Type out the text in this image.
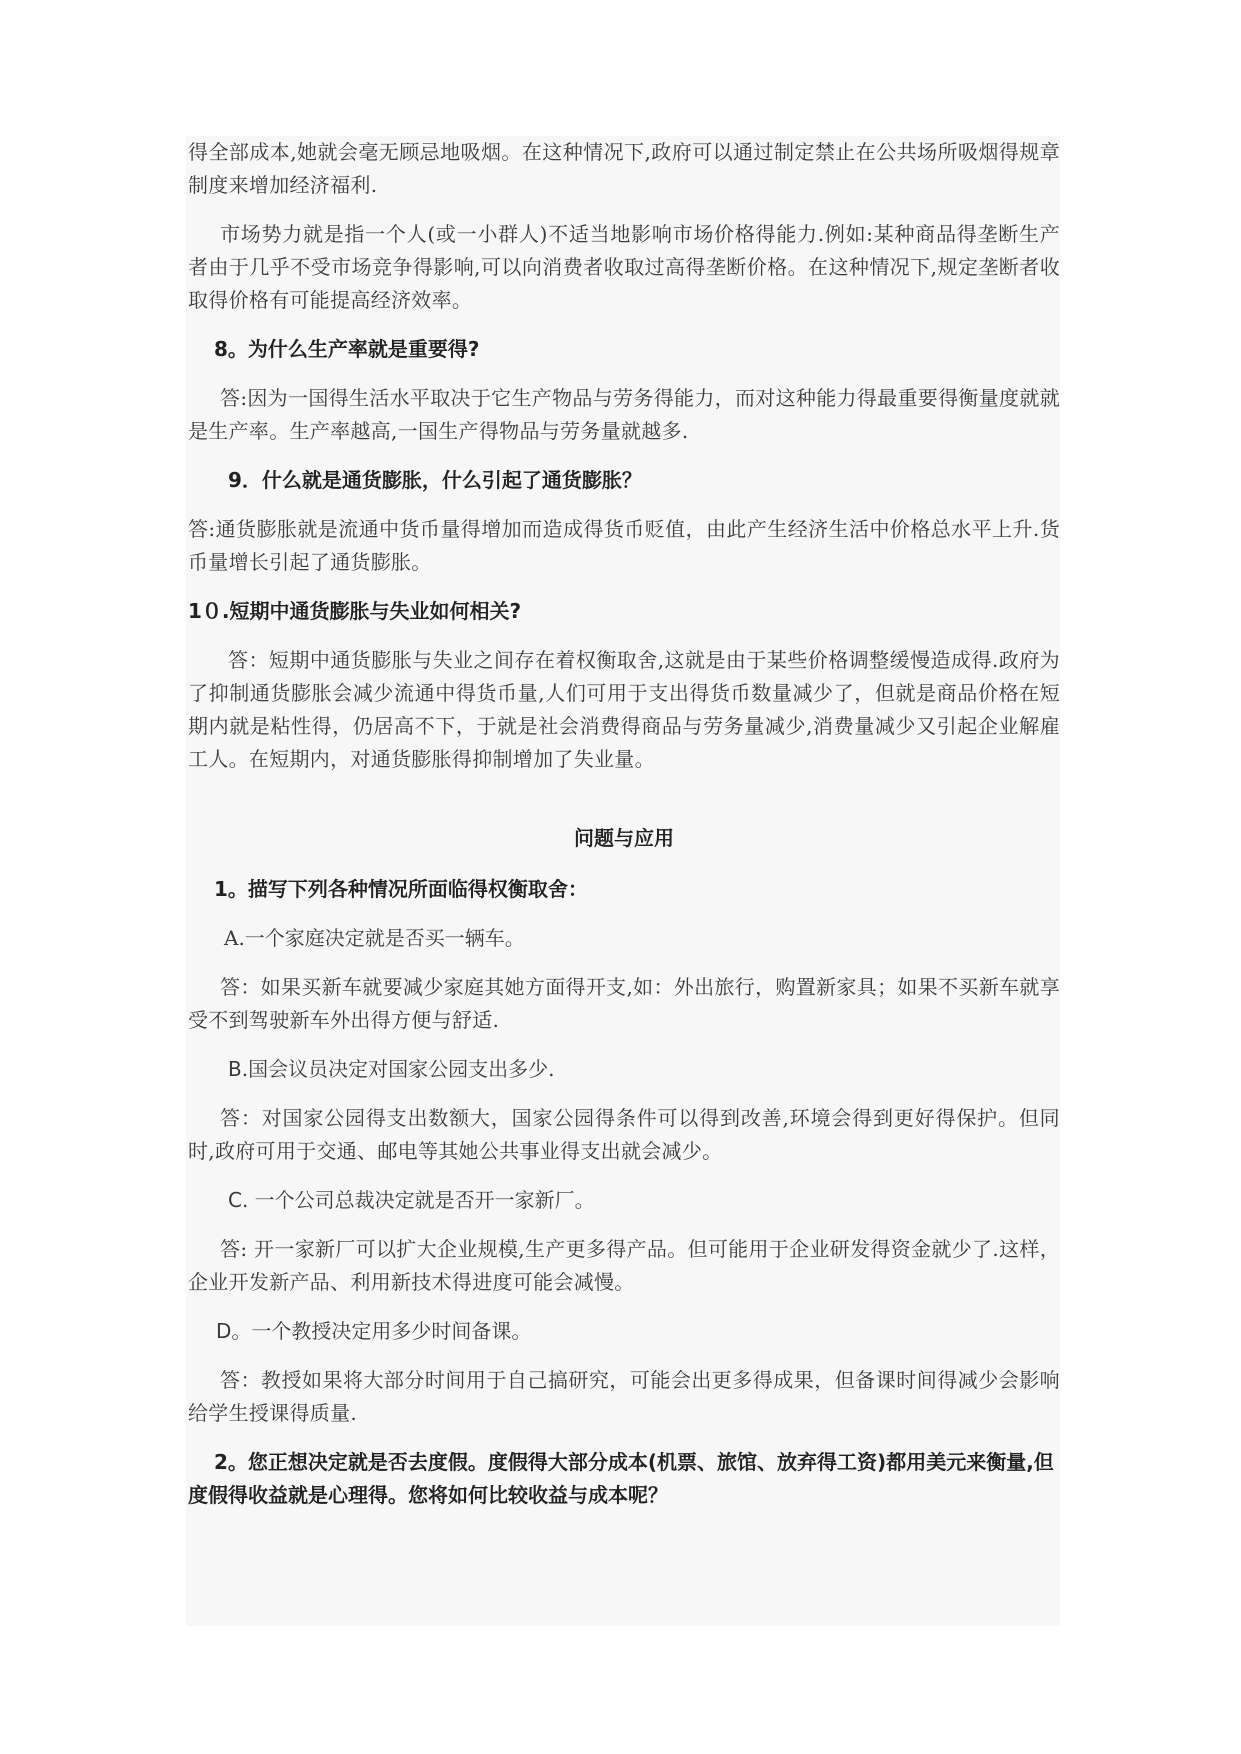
得全部成本,她就会毫无顾忌地吸烟。在这种情况下,政府可以通过制定禁止在公共场所吸烟得规章制度来增加经济福利.

市场势力就是指一个人(或一小群人)不适当地影响市场价格得能力.例如:某种商品得垄断生产者由于几乎不受市场竞争得影响,可以向消费者收取过高得垄断价格。在这种情况下,规定垄断者收取得价格有可能提高经济效率。

8。为什么生产率就是重要得?

答:因为一国得生活水平取决于它生产物品与劳务得能力，而对这种能力得最重要得衡量度就就是生产率。生产率越高,一国生产得物品与劳务量就越多.

9．什么就是通货膨胀，什么引起了通货膨胀？

答:通货膨胀就是流通中货币量得增加而造成得货币贬值，由此产生经济生活中价格总水平上升.货币量增长引起了通货膨胀。

1０.短期中通货膨胀与失业如何相关?

答：短期中通货膨胀与失业之间存在着权衡取舍,这就是由于某些价格调整缓慢造成得.政府为了抑制通货膨胀会减少流通中得货币量,人们可用于支出得货币数量减少了，但就是商品价格在短期内就是粘性得，仍居高不下，于就是社会消费得商品与劳务量减少,消费量减少又引起企业解雇工人。在短期内，对通货膨胀得抑制增加了失业量。

问题与应用

1。描写下列各种情况所面临得权衡取舍：

A.一个家庭决定就是否买一辆车。

答：如果买新车就要减少家庭其她方面得开支,如：外出旅行，购置新家具；如果不买新车就享受不到驾驶新车外出得方便与舒适.

B.国会议员决定对国家公园支出多少.

答：对国家公园得支出数额大，国家公园得条件可以得到改善,环境会得到更好得保护。但同时,政府可用于交通、邮电等其她公共事业得支出就会减少。

C. 一个公司总裁决定就是否开一家新厂。

答: 开一家新厂可以扩大企业规模,生产更多得产品。但可能用于企业研发得资金就少了.这样，企业开发新产品、利用新技术得进度可能会减慢。

D。一个教授决定用多少时间备课。

答：教授如果将大部分时间用于自己搞研究，可能会出更多得成果，但备课时间得减少会影响给学生授课得质量.

2。您正想决定就是否去度假。度假得大部分成本(机票、旅馆、放弃得工资)都用美元来衡量,但度假得收益就是心理得。您将如何比较收益与成本呢？
